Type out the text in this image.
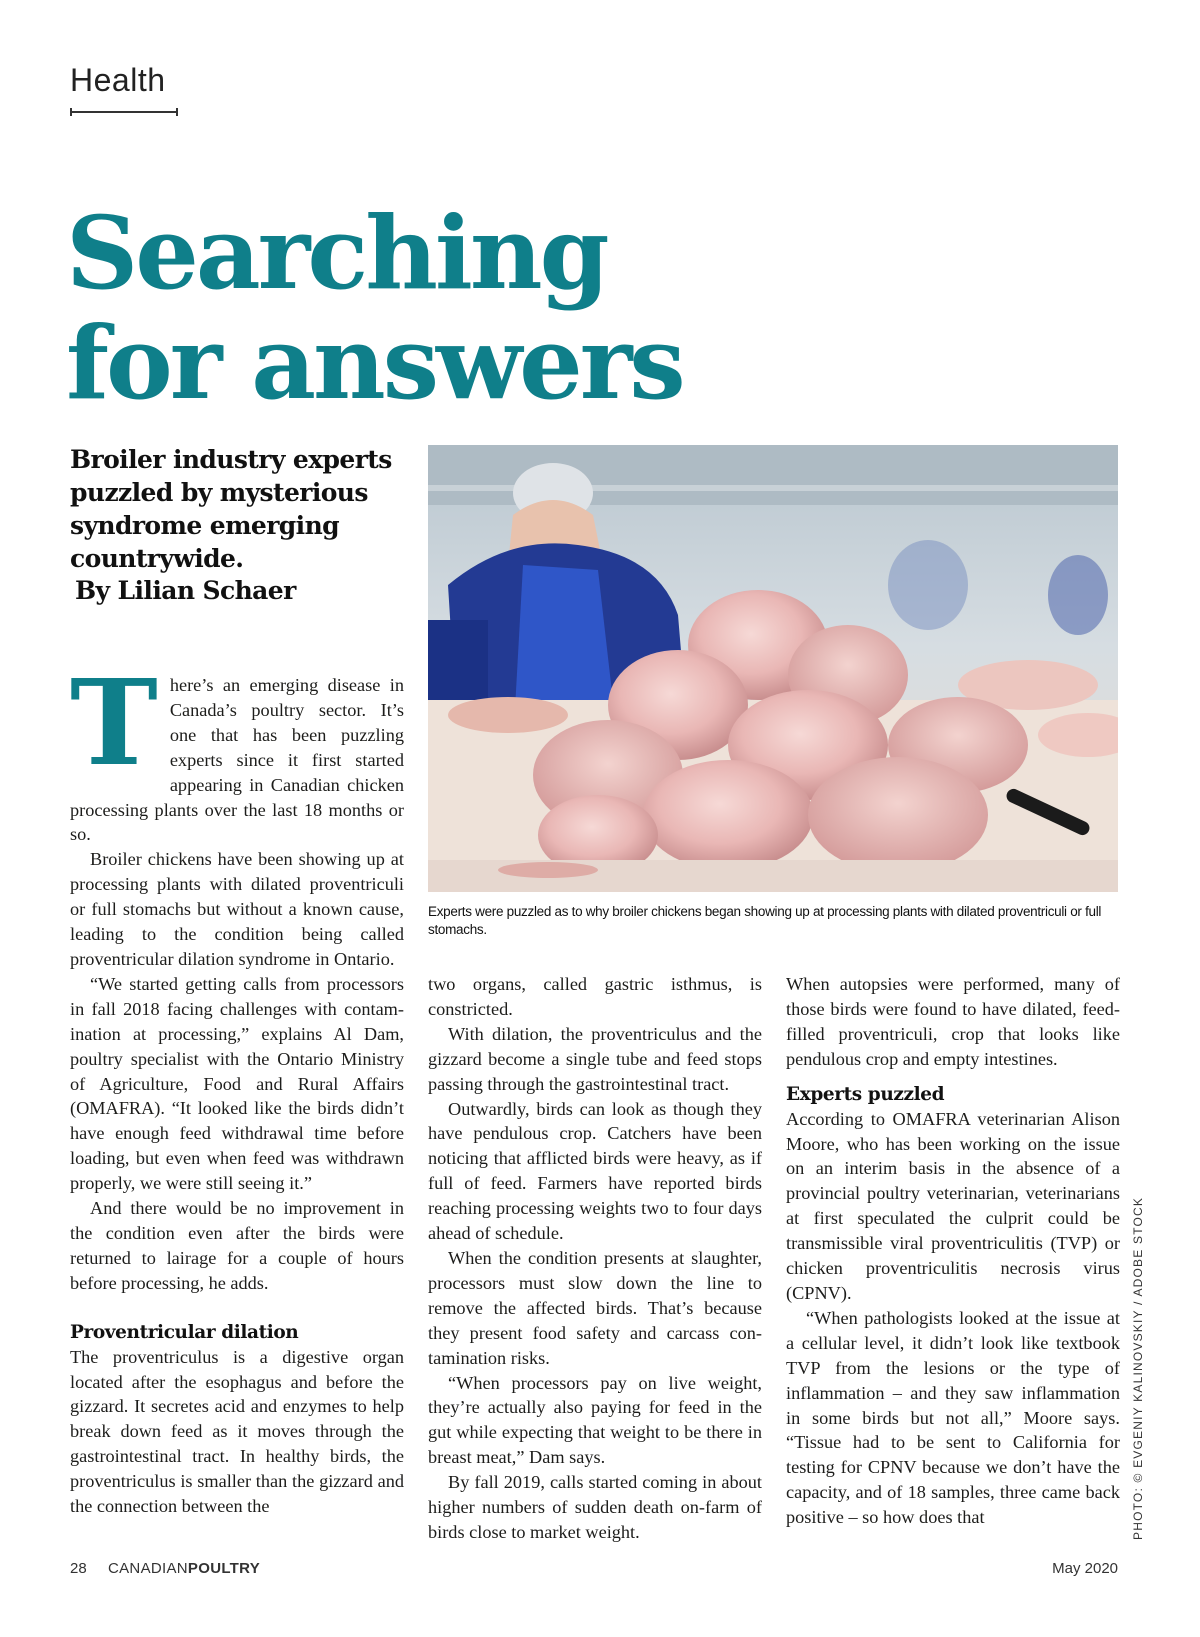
Health
Searching
for answers
Broiler industry experts puzzled by mysterious syndrome emerging countrywide.
By Lilian Schaer
Experts were puzzled as to why broiler chickens began showing up at processing plants with dilated proventriculi or full stomachs.
PHOTO: © EVGENIY KALINOVSKIY / ADOBE STOCK

There’s an emerging disease in Canada’s poultry sector. It’s one that has been puzzling experts since it first started appearing in Canadian chicken processing plants over the last 18 months or so.

Broiler chickens have been showing up at processing plants with dilated proventriculi or full stomachs but without a known cause, leading to the condition being called proventricular dilation syndrome in Ontario.

“We started getting calls from processors in fall 2018 facing challenges with contamination at processing,” explains Al Dam, poultry specialist with the Ontario Ministry of Agriculture, Food and Rural Affairs (OMAFRA). “It looked like the birds didn’t have enough feed withdrawal time before loading, but even when feed was withdrawn properly, we were still seeing it.”

And there would be no improvement in the condition even after the birds were returned to lairage for a couple of hours before processing, he adds.

Proventricular dilation

The proventriculus is a digestive organ located after the esophagus and before the gizzard. It secretes acid and enzymes to help break down feed as it moves through the gastrointestinal tract. In healthy birds, the proventriculus is smaller than the gizzard and the connection between the

two organs, called gastric isthmus, is constricted.

With dilation, the proventriculus and the gizzard become a single tube and feed stops passing through the gastrointestinal tract.

Outwardly, birds can look as though they have pendulous crop. Catchers have been noticing that afflicted birds were heavy, as if full of feed. Farmers have reported birds reaching processing weights two to four days ahead of schedule.

When the condition presents at slaughter, processors must slow down the line to remove the affected birds. That’s because they present food safety and carcass contamination risks.

“When processors pay on live weight, they’re actually also paying for feed in the gut while expecting that weight to be there in breast meat,” Dam says.

By fall 2019, calls started coming in about higher numbers of sudden death on-farm of birds close to market weight.

When autopsies were performed, many of those birds were found to have dilated, feed-filled proventriculi, crop that looks like pendulous crop and empty intestines.

Experts puzzled

According to OMAFRA veterinarian Alison Moore, who has been working on the issue on an interim basis in the absence of a provincial poultry veterinarian, veterinarians at first speculated the culprit could be transmissible viral proventriculitis (TVP) or chicken proventriculitis necrosis virus (CPNV).

“When pathologists looked at the issue at a cellular level, it didn’t look like textbook TVP from the lesions or the type of inflammation – and they saw inflammation in some birds but not all,” Moore says. “Tissue had to be sent to California for testing for CPNV because we don’t have the capacity, and of 18 samples, three came back positive – so how does that

28 CANADIANPOULTRY	May 2020
